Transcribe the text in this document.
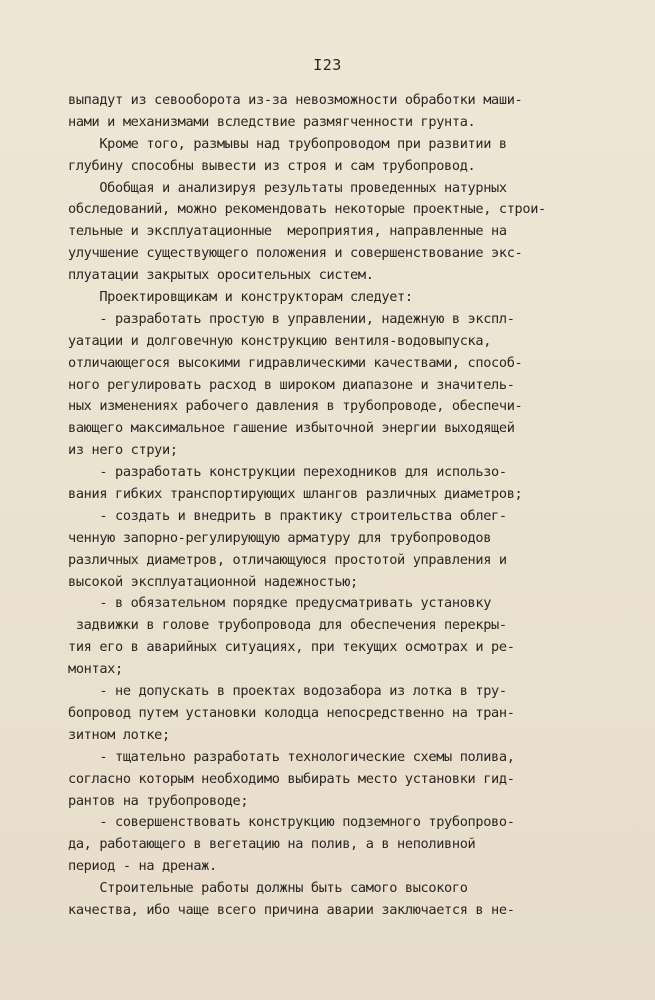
I23
выпадут из севооборота из-за невозможности обработки маши-
нами и механизмами вследствие размягченности грунта.
Кроме того, размывы над трубопроводом при развитии в
глубину способны вывести из строя и сам трубопровод.
Обобщая и анализируя результаты проведенных натурных
обследований, можно рекомендовать некоторые проектные, строи-
тельные и эксплуатационные  мероприятия, направленные на
улучшение существующего положения и совершенствование экс-
плуатации закрытых оросительных систем.
Проектировщикам и конструкторам следует:
- разработать простую в управлении, надежную в экспл-
уатации и долговечную конструкцию вентиля-водовыпуска,
отличающегося высокими гидравлическими качествами, способ-
ного регулировать расход в широком диапазоне и значитель-
ных изменениях рабочего давления в трубопроводе, обеспечи-
вающего максимальное гашение избыточной энергии выходящей
из него струи;
- разработать конструкции переходников для использо-
вания гибких транспортирующих шлангов различных диаметров;
- создать и внедрить в практику строительства облег-
ченную запорно-регулирующую арматуру для трубопроводов
различных диаметров, отличающуюся простотой управления и
высокой эксплуатационной надежностью;
- в обязательном порядке предусматривать установку
задвижки в голове трубопровода для обеспечения перекры-
тия его в аварийных ситуациях, при текущих осмотрах и ре-
монтах;
- не допускать в проектах водозабора из лотка в тру-
бопровод путем установки колодца непосредственно на тран-
зитном лотке;
- тщательно разработать технологические схемы полива,
согласно которым необходимо выбирать место установки гид-
рантов на трубопроводе;
- совершенствовать конструкцию подземного трубопрово-
да, работающего в вегетацию на полив, а в неполивной
период - на дренаж.
Строительные работы должны быть самого высокого
качества, ибо чаще всего причина аварии заключается в не-
